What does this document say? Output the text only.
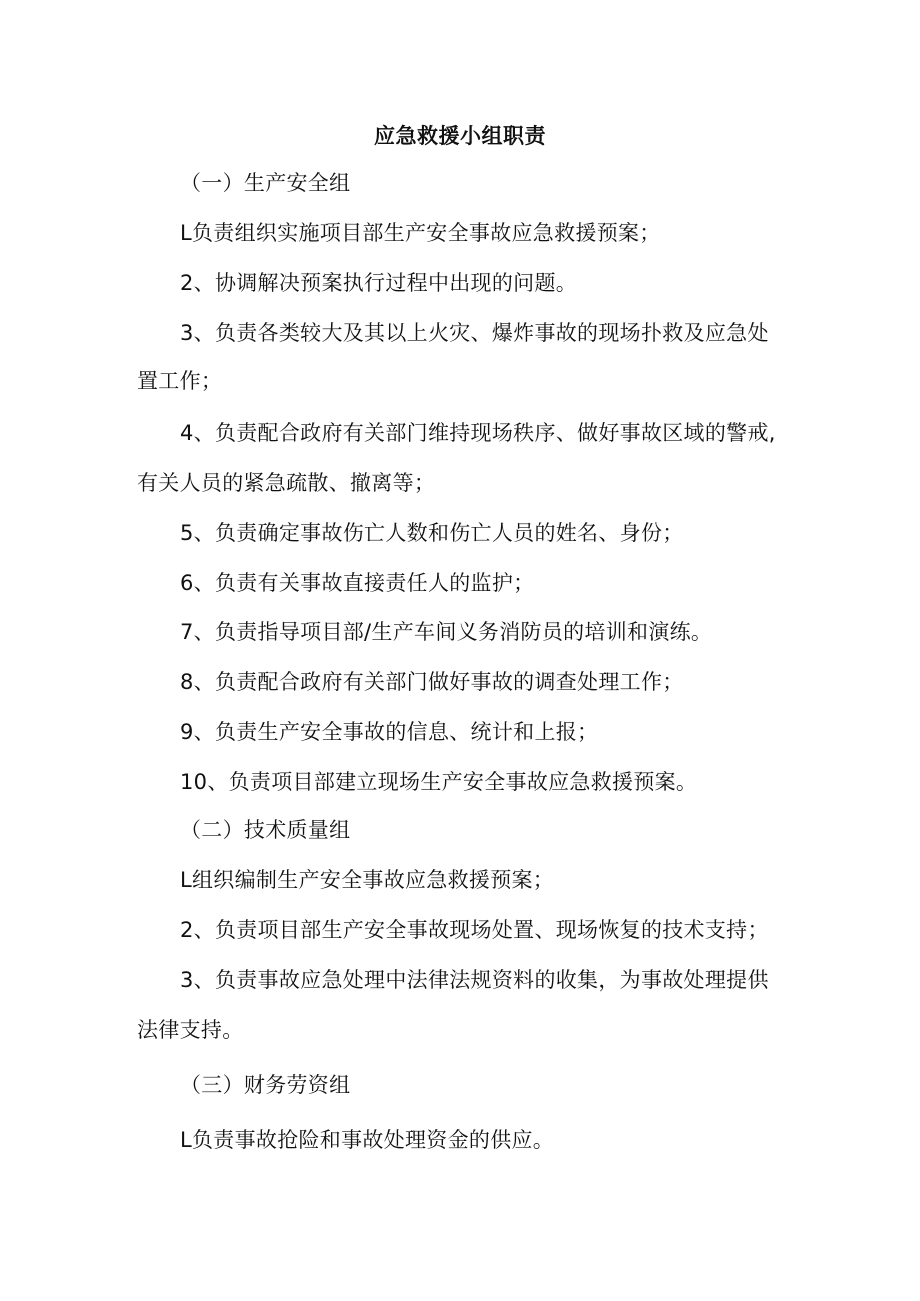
应急救援小组职责
（一）生产安全组
L负责组织实施项目部生产安全事故应急救援预案；
2、协调解决预案执行过程中出现的问题。
3、负责各类较大及其以上火灾、爆炸事故的现场扑救及应急处
置工作；
4、负责配合政府有关部门维持现场秩序、做好事故区域的警戒,
有关人员的紧急疏散、撤离等；
5、负责确定事故伤亡人数和伤亡人员的姓名、身份；
6、负责有关事故直接责任人的监护；
7、负责指导项目部/生产车间义务消防员的培训和演练。
8、负责配合政府有关部门做好事故的调查处理工作；
9、负责生产安全事故的信息、统计和上报；
10、负责项目部建立现场生产安全事故应急救援预案。
（二）技术质量组
L组织编制生产安全事故应急救援预案；
2、负责项目部生产安全事故现场处置、现场恢复的技术支持；
3、负责事故应急处理中法律法规资料的收集，为事故处理提供
法律支持。
（三）财务劳资组
L负责事故抢险和事故处理资金的供应。
